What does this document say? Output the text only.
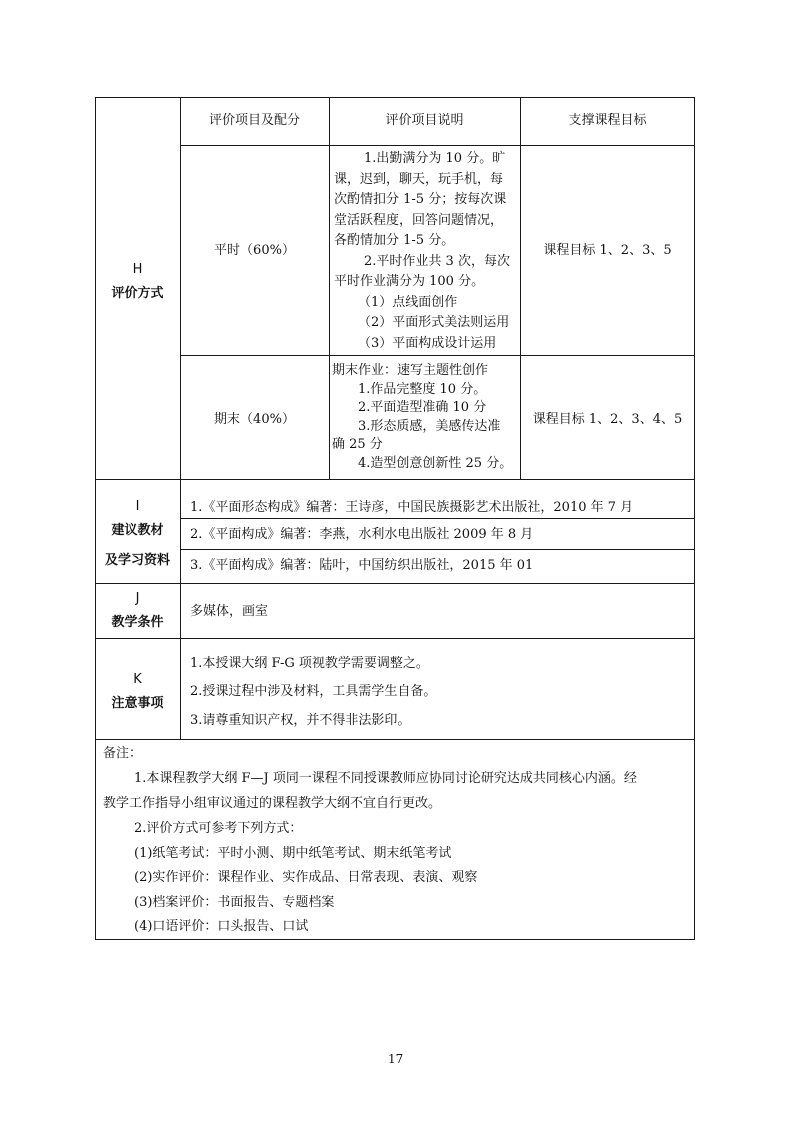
H
评价方式
评价项目及配分	评价项目说明	支撑课程目标
平时（60%）
1.出勤满分为 10 分。旷
课，迟到，聊天，玩手机，每
次酌情扣分 1-5 分；按每次课
堂活跃程度，回答问题情况，
各酌情加分 1-5 分。
2.平时作业共 3 次，每次
平时作业满分为 100 分。
（1）点线面创作
（2）平面形式美法则运用
（3）平面构成设计运用
课程目标 1、2、3、5
期末（40%）
期末作业：速写主题性创作
1.作品完整度 10 分。
2.平面造型准确 10 分
3.形态质感，美感传达准
确 25 分
4.造型创意创新性 25 分。
课程目标 1、2、3、4、5
I
建议教材
及学习资料
1.《平面形态构成》编著：王诗彦，中国民族摄影艺术出版社，2010 年 7 月
2.《平面构成》编著：李燕，水利水电出版社 2009 年 8 月
3.《平面构成》编著：陆叶，中国纺织出版社，2015 年 01
J
教学条件
多媒体，画室
K
注意事项
1.本授课大纲 F-G 项视教学需要调整之。
2.授课过程中涉及材料，工具需学生自备。
3.请尊重知识产权，并不得非法影印。
备注：
1.本课程教学大纲 F—J 项同一课程不同授课教师应协同讨论研究达成共同核心内涵。经
教学工作指导小组审议通过的课程教学大纲不宜自行更改。
2.评价方式可参考下列方式：
(1)纸笔考试：平时小测、期中纸笔考试、期末纸笔考试
(2)实作评价：课程作业、实作成品、日常表现、表演、观察
(3)档案评价：书面报告、专题档案
(4)口语评价：口头报告、口试
17
